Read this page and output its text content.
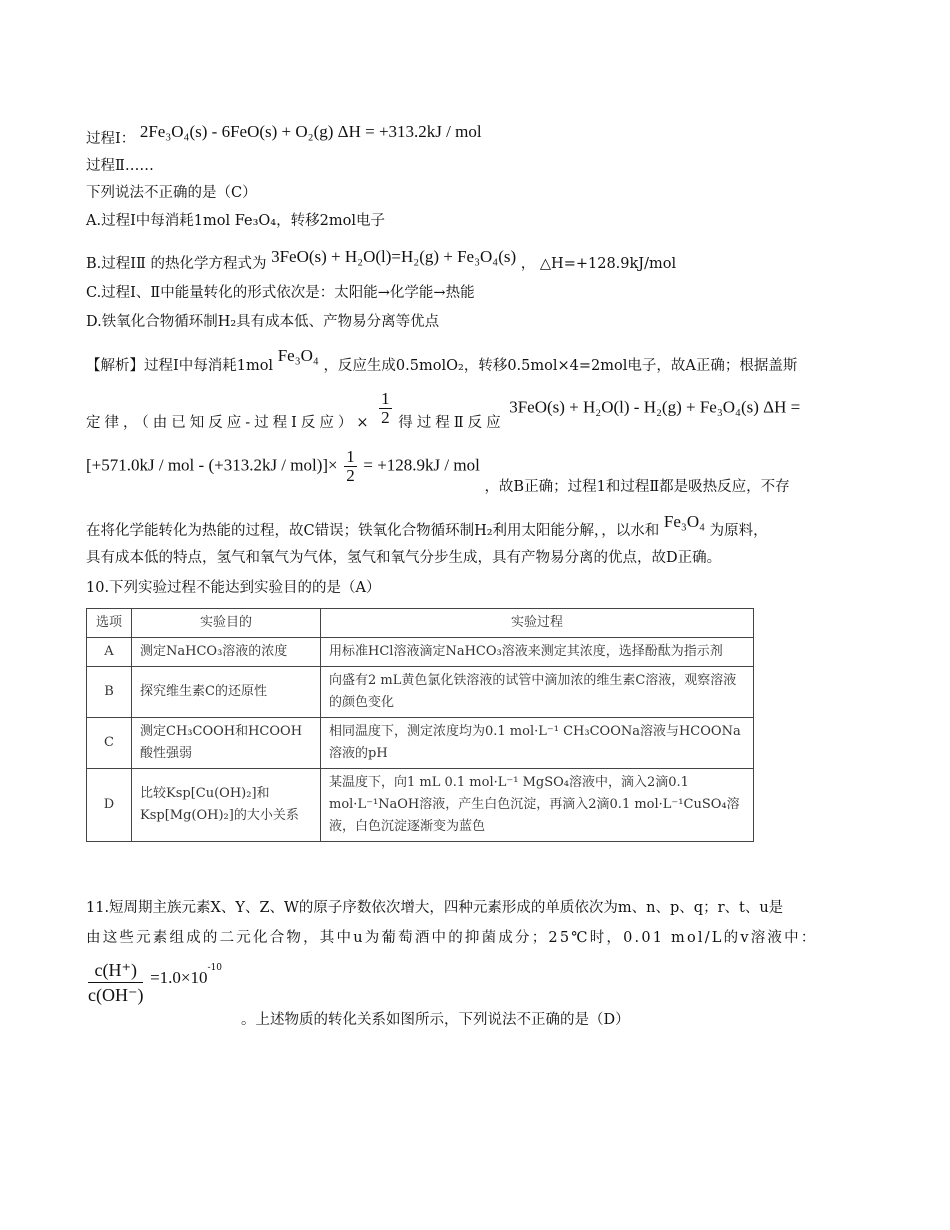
过程Ⅰ： 2Fe₃O₄(s) - 6FeO(s) + O₂(g) ΔH = +313.2kJ / mol
过程Ⅱ……
下列说法不正确的是（C）
A.过程Ⅰ中每消耗1mol Fe₃O₄，转移2mol电子
B.过程ⅠⅡ 的热化学方程式为 3FeO(s) + H₂O(l)=H₂(g) + Fe₃O₄(s) ， △H=+128.9kJ/mol
C.过程Ⅰ、Ⅱ中能量转化的形式依次是：太阳能→化学能→热能
D.铁氧化合物循环制H₂具有成本低、产物易分离等优点
【解析】过程Ⅰ中每消耗1mol Fe₃O₄ ，反应生成0.5molO₂，转移0.5mol×4=2mol电子，故A正确；根据盖斯
定律，（由已知反应-过程Ⅰ反应）× $\frac{1}{2}$ 得过程Ⅱ反应 3FeO(s) + H₂O(l) - H₂(g) + Fe₃O₄(s) ΔH =
[+571.0kJ / mol - $(+313.2kJ / mol)]\times \frac{1}{2} = +128.9kJ$ / mol ，故B正确；过程1和过程Ⅱ都是吸热反应，不存
在将化学能转化为热能的过程，故C错误；铁氧化合物循环制H₂利用太阳能分解，，以水和 Fe₃O₄ 为原料，
具有成本低的特点，氢气和氧气为气体，氢气和氧气分步生成，具有产物易分离的优点，故D正确。
10.下列实验过程不能达到实验目的的是（A）
选项	实验目的	实验过程
A	测定NaHCO₃溶液的浓度	用标准HCl溶液滴定NaHCO₃溶液来测定其浓度，选择酚酞为指示剂
B	探究维生素C的还原性	向盛有2 mL黄色氯化铁溶液的试管中滴加浓的维生素C溶液，观察溶液的颜色变化
C	测定CH₃COOH和HCOOH酸性强弱	相同温度下，测定浓度均为0.1 mol·L⁻¹ CH₃COONa溶液与HCOONa溶液的pH
D	比较Ksp[Cu(OH)₂]和Ksp[Mg(OH)₂]的大小关系	某温度下，向1 mL 0.1 mol·L⁻¹ MgSO₄溶液中，滴入2滴0.1 mol·L⁻¹NaOH溶液，产生白色沉淀，再滴入2滴0.1 mol·L⁻¹CuSO₄溶液，白色沉淀逐渐变为蓝色
11.短周期主族元素X、Y、Z、W的原子序数依次增大，四种元素形成的单质依次为m、n、p、q；r、t、u是
由这些元素组成的二元化合物，其中u为葡萄酒中的抑菌成分；25℃时，0.01 mol/L的v溶液中：
$\frac{c(H^+)}{c(OH^-)} =1.0\times 10^{-10}$
。上述物质的转化关系如图所示，下列说法不正确的是（D）
